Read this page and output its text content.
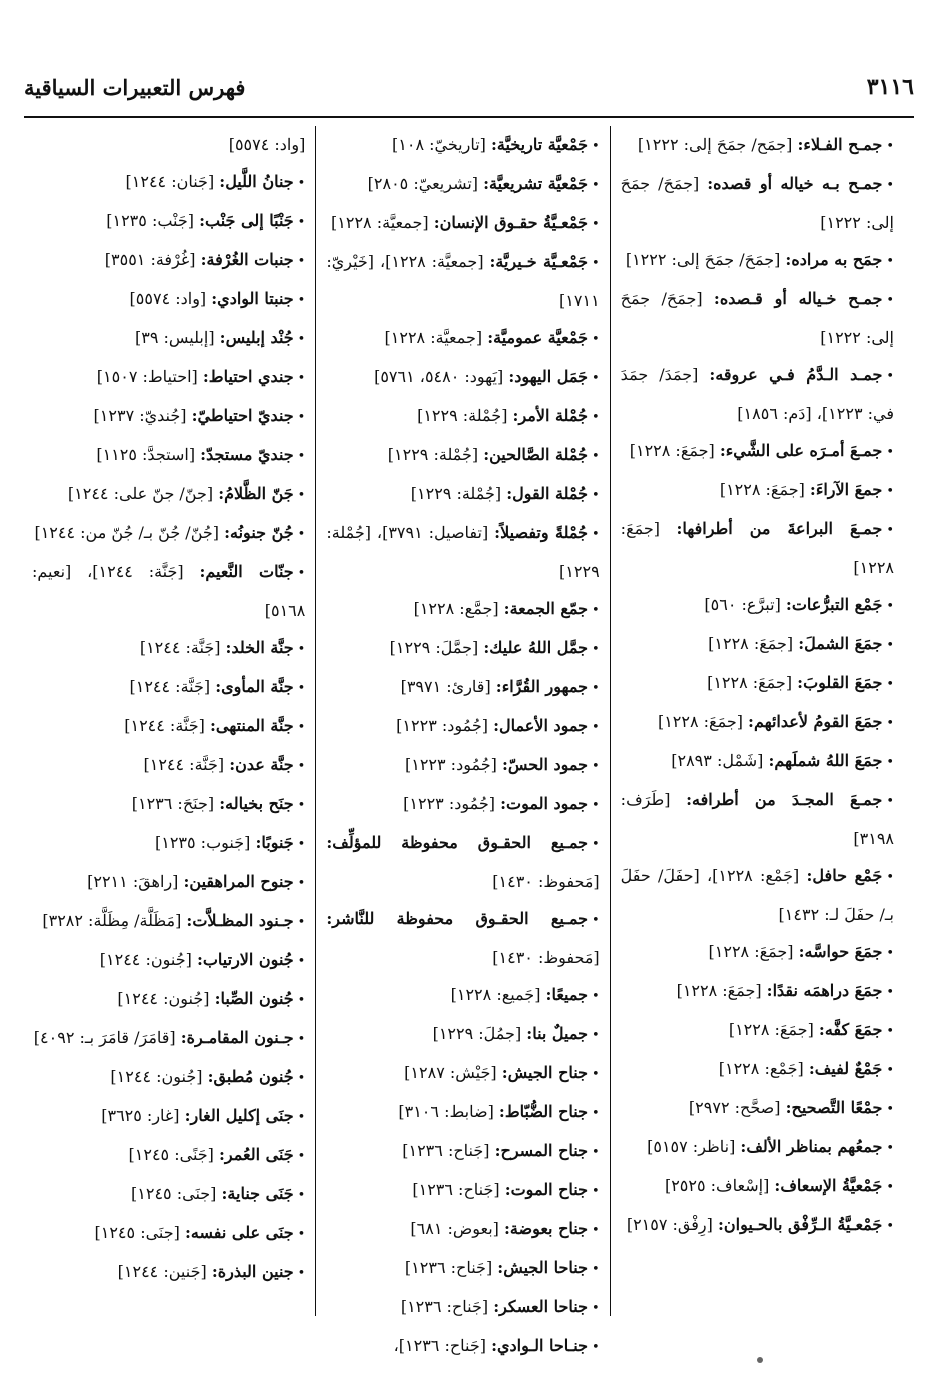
فهرس التعبيرات السياقية	٣١١٦
•جمـح الفـلاء: [جمَح/ جمَحَ إلى: ١٢٢٢]
•جمـح بـه خياله أو قصده: [جمَحَ/ جمَحَ إلى: ١٢٢٢]
•جمَح به مراده: [جمَحَ/ جمَحَ إلى: ١٢٢٢]
•جمـح خـياله أو قـصده: [جمَحَ/ جمَحَ إلى: ١٢٢٢]
•جمـد الـدَّمُ فـي عروقه: [جمَدَ/ جمَدَ في: ١٢٢٣]، [دَم: ١٨٥٦]
•جمـعَ أمـرَه على الشَّيء: [جمَعَ: ١٢٢٨]
•جمعَ الآراءَ: [جمَعَ: ١٢٢٨]
•جمـعَ البراعةَ من أطرافها: [جمَعَ: ١٢٢٨]
•جَمْع التبرُّعات: [تبرَّع: ٥٦٠]
•جمَعَ الشملَ: [جمَعَ: ١٢٢٨]
•جمَعَ القلوبَ: [جمَعَ: ١٢٢٨]
•جمَعَ القومُ لأعدائهم: [جمَعَ: ١٢٢٨]
•جمَعَ اللهُ شملَهم: [شَمْل: ٢٨٩٣]
•جمـعَ المجـدَ من أطرافه: [طَرَف: ٣١٩٨]
•جَمْع حافل: [جَمْع: ١٢٢٨]، [حفَلَ/ حفَلَ بـ/ حفَلَ لـ: ١٤٣٢]
•جمَعَ حواسَّه: [جمَعَ: ١٢٢٨]
•جمَعَ دراهمَه نقدًا: [جمَعَ: ١٢٢٨]
•جمَعَ كفَّه: [جمَعَ: ١٢٢٨]
•جَمْعٌ لفيف: [جَمْع: ١٢٢٨]
•جمْعًا التَّصحيح: [صحَّح: ٢٩٧٢]
•جمعُهم بمناظر الألف: [ناظر: ٥١٥٧]
•جَمْعيَّةُ الإسعاف: [إسْعاف: ٢٥٢٥]
•جَمْعـيَّةُ الـرِّفْق بالحـيوان: [رِفْق: ٢١٥٧]
•جَمْعيَّة تاريخيَّة: [تاريخيّ: ١٠٨]
•جَمْعيَّة تشريعيَّة: [تشريعيّ: ٢٨٠٥]
•جَمْعـيَّةُ حقـوق الإنسان: [جمعيَّة: ١٢٢٨]
•جَمْعـيَّة خـيريَّة: [جمعيَّة: ١٢٢٨]، [خَيْريّ: ١٧١١]
•جَمْعيَّة عموميَّة: [جمعيَّة: ١٢٢٨]
•جَمَل اليهود: [يَهود: ٥٤٨٠، ٥٧٦١]
•جُمْلة الأمر: [جُمْلة: ١٢٢٩]
•جُمْلة الصَّالحين: [جُمْلة: ١٢٢٩]
•جُمْلة القول: [جُمْلة: ١٢٢٩]
•جُمْلةً وتفصيلاً: [تفاصيل: ٣٧٩١]، [جُمْلة: ١٢٢٩]
•جمّع الجمعة: [جمَّع: ١٢٢٨]
•جمَّل اللهُ عليك: [جمَّلَ: ١٢٢٩]
•جمهور القُرَّاء: [قارئ: ٣٩٧١]
•جمود الأعمال: [جُمُود: ١٢٢٣]
•جمود الحسّ: [جُمُود: ١٢٢٣]
•جمود الموت: [جُمُود: ١٢٢٣]
•جمـيع الحقـوق محفوظة للمؤلِّف: [مَحفوظ: ١٤٣٠]
•جمـيع الحقـوق محفوظة للنَّاشر: [مَحفوظ: ١٤٣٠]
•جميعًا: [جَميع: ١٢٢٨]
•جميلٌ بنا: [جمُلَ: ١٢٢٩]
•جناح الجيش: [جَيْش: ١٢٨٧]
•جناح الضُّبّاط: [ضابط: ٣١٠٦]
•جناح المسرح: [جَناح: ١٢٣٦]
•جناح الموت: [جَناح: ١٢٣٦]
•جناح بعوضة: [بعوض: ٦٨١]
•جناحا الجيش: [جَناح: ١٢٣٦]
•جناحا العسكر: [جَناح: ١٢٣٦]
•جنـاحا الـوادي: [جَناح: ١٢٣٦]،
[واد: ٥٥٧٤]
•جنانُ اللَّيل: [جَنان: ١٢٤٤]
•جَنْبًا إلى جَنْب: [جَنْب: ١٢٣٥]
•جنبات الغُرْفة: [غُرْفة: ٣٥٥١]
•جنبتا الوادي: [واد: ٥٥٧٤]
•جُنْد إبليس: [إبليس: ٣٩]
•جندي احتياط: [احتياط: ١٥٠٧]
•جنديّ احتياطيّ: [جُنديّ: ١٢٣٧]
•جنديّ مستجدّ: [استجدَّ: ١١٢٥]
•جَنّ الظَّلامُ: [جنّ/ جنّ على: ١٢٤٤]
•جُنّ جنونُه: [جُنّ/ جُنّ بـ/ جُنّ من: ١٢٤٤]
•جنّات النَّعيم: [جَنَّة: ١٢٤٤]، [نعيم: ٥١٦٨]
•جنَّة الخلد: [جَنَّة: ١٢٤٤]
•جنَّة المأوى: [جَنَّة: ١٢٤٤]
•جنَّة المنتهى: [جَنَّة: ١٢٤٤]
•جنَّة عدن: [جَنَّة: ١٢٤٤]
•جنَح بخياله: [جنَحَ: ١٢٣٦]
•جَنوبًا: [جَنوب: ١٢٣٥]
•جنوح المراهقين: [راهقَ: ٢٢١١]
•جـنود المظـلاَّت: [مَظَلَّة/ مِظَلَّة: ٣٢٨٢]
•جُنون الارتياب: [جُنون: ١٢٤٤]
•جُنون الصِّبا: [جُنون: ١٢٤٤]
•جـنون المقامـرة: [قامَرَ/ قامَرَ بـ: ٤٠٩٢]
•جُنون مُطبق: [جُنون: ١٢٤٤]
•جنَى إكليل الغار: [غار: ٣٦٢٥]
•جَنَى العُمر: [جَنًى: ١٢٤٥]
•جَنَى جناية: [جنَى: ١٢٤٥]
•جنَى على نفسه: [جنَى: ١٢٤٥]
•جنين البذرة: [جَنين: ١٢٤٤]
